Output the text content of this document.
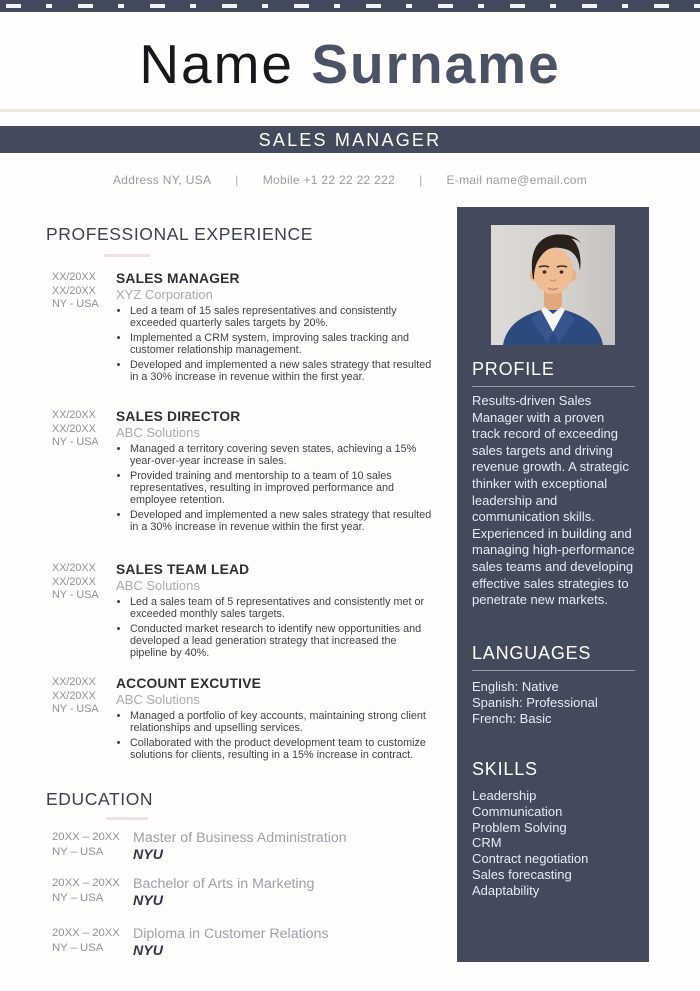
Name Surname
SALES MANAGER
Address NY, USA | Mobile +1 22 22 22 222 | E-mail name@email.com
PROFESSIONAL EXPERIENCE
XX/20XX
XX/20XX
NY - USA
SALES MANAGER
XYZ Corporation
• Led a team of 15 sales representatives and consistently exceeded quarterly sales targets by 20%.
• Implemented a CRM system, improving sales tracking and customer relationship management.
• Developed and implemented a new sales strategy that resulted in a 30% increase in revenue within the first year.
XX/20XX
XX/20XX
NY - USA
SALES DIRECTOR
ABC Solutions
• Managed a territory covering seven states, achieving a 15% year-over-year increase in sales.
• Provided training and mentorship to a team of 10 sales representatives, resulting in improved performance and employee retention.
• Developed and implemented a new sales strategy that resulted in a 30% increase in revenue within the first year.
XX/20XX
XX/20XX
NY - USA
SALES TEAM LEAD
ABC Solutions
• Led a sales team of 5 representatives and consistently met or exceeded monthly sales targets.
• Conducted market research to identify new opportunities and developed a lead generation strategy that increased the pipeline by 40%.
XX/20XX
XX/20XX
NY - USA
ACCOUNT EXCUTIVE
ABC Solutions
• Managed a portfolio of key accounts, maintaining strong client relationships and upselling services.
• Collaborated with the product development team to customize solutions for clients, resulting in a 15% increase in contract.
EDUCATION
20XX – 20XX
NY – USA
Master of Business Administration
NYU
20XX – 20XX
NY – USA
Bachelor of Arts in Marketing
NYU
20XX – 20XX
NY – USA
Diploma in Customer Relations
NYU
PROFILE

Results-driven Sales Manager with a proven track record of exceeding sales targets and driving revenue growth. A strategic thinker with exceptional leadership and communication skills. Experienced in building and managing high-performance sales teams and developing effective sales strategies to penetrate new markets.

LANGUAGES
English: Native
Spanish: Professional
French: Basic
SKILLS
Leadership
Communication
Problem Solving
CRM
Contract negotiation
Sales forecasting
Adaptability
